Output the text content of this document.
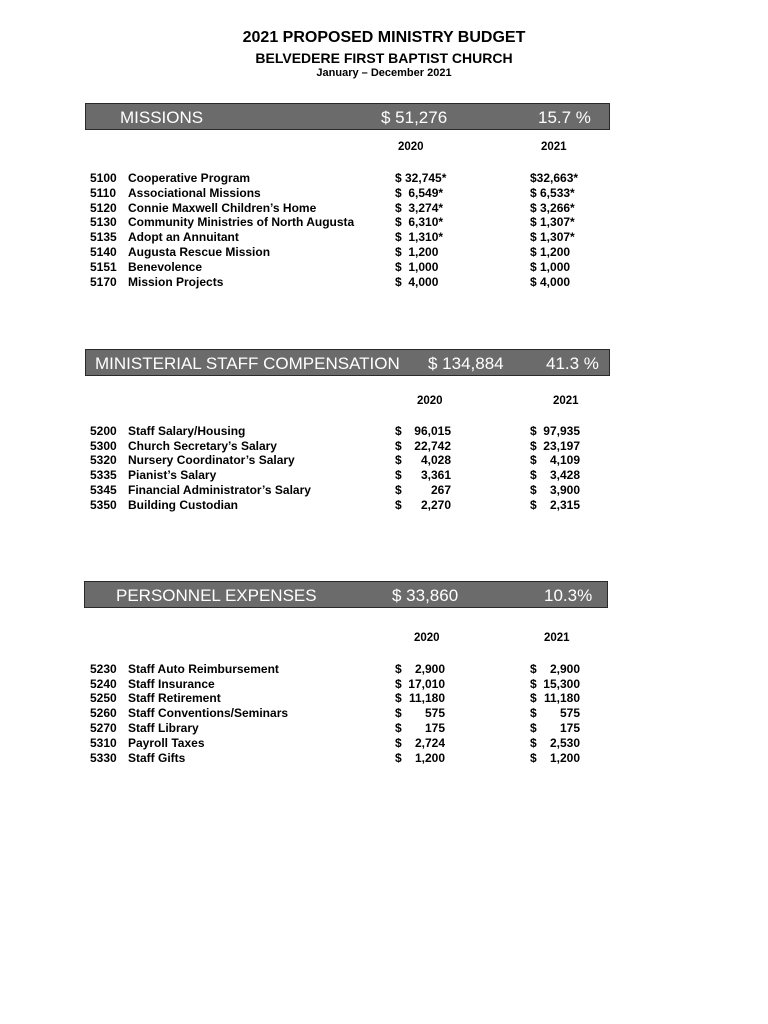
2021 PROPOSED MINISTRY BUDGET
BELVEDERE FIRST BAPTIST CHURCH
January – December 2021
MISSIONS	$ 51,276	15.7 %
2020	2021
5100 Cooperative Program	$ 32,745*	$32,663*
5110 Associational Missions	$  6,549*	$ 6,533*
5120 Connie Maxwell Children’s Home	$  3,274*	$ 3,266*
5130 Community Ministries of North Augusta	$  6,310*	$ 1,307*
5135 Adopt an Annuitant	$  1,310*	$ 1,307*
5140 Augusta Rescue Mission	$  1,200	$ 1,200
5151 Benevolence	$  1,000	$ 1,000
5170 Mission Projects	$  4,000	$ 4,000
MINISTERIAL STAFF COMPENSATION $ 134,884 41.3 %
2020	2021
5200 Staff Salary/Housing	$	96,015	$ 97,935
5300 Church Secretary’s Salary	$	22,742	$ 23,197
5320 Nursery Coordinator’s Salary	$	4,028	$	4,109
5335 Pianist’s Salary	$	3,361	$	3,428
5345 Financial Administrator’s Salary	$	267	$	3,900
5350 Building Custodian	$	2,270	$	2,315
PERSONNEL EXPENSES	$ 33,860	10.3%
2020	2021
5230 Staff Auto Reimbursement	$	2,900	$	2,900
5240 Staff Insurance	$ 17,010	$ 15,300
5250 Staff Retirement	$ 11,180	$ 11,180
5260 Staff Conventions/Seminars	$	575	$	575
5270 Staff Library	$	175	$	175
5310 Payroll Taxes	$	2,724	$	2,530
5330 Staff Gifts	$	1,200	$	1,200
